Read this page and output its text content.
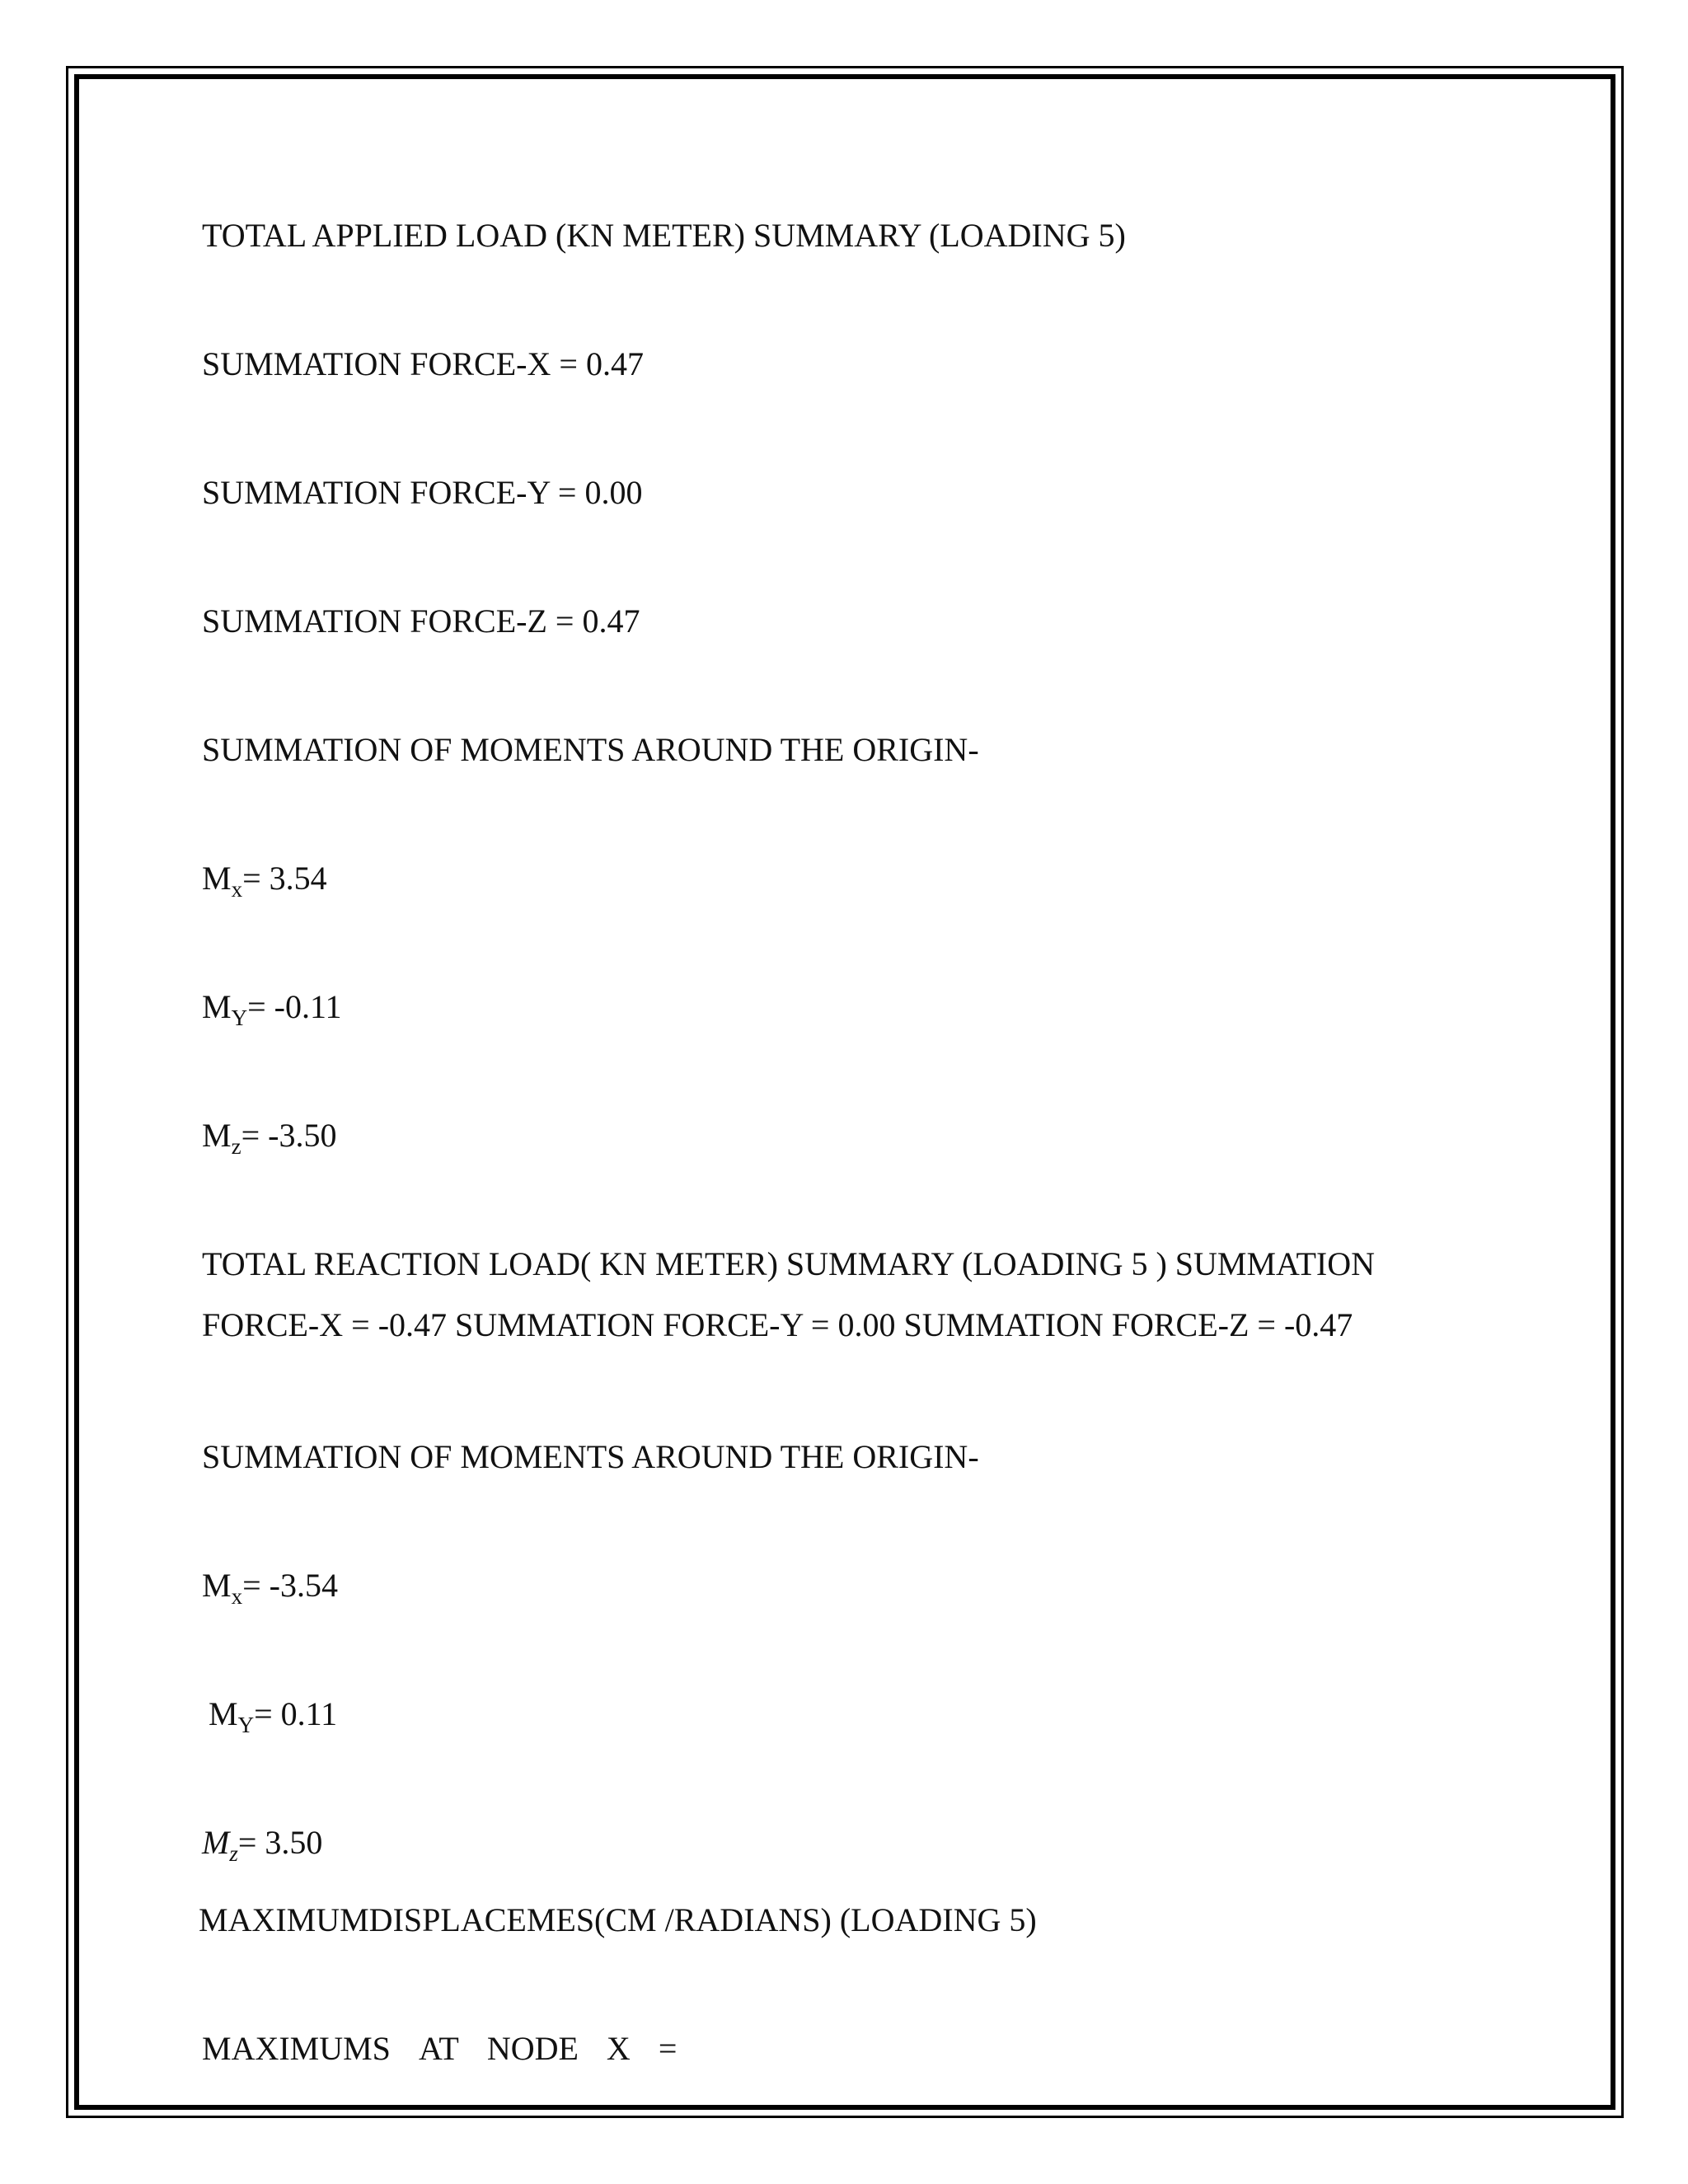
TOTAL APPLIED LOAD (KN METER) SUMMARY (LOADING 5)
SUMMATION FORCE-X = 0.47
SUMMATION FORCE-Y = 0.00
SUMMATION FORCE-Z = 0.47
SUMMATION OF MOMENTS AROUND THE ORIGIN-
$M_x= 3.54$
$M_Y= -0.11$
$M_z= -3.50$
TOTAL REACTION LOAD( KN METER) SUMMARY (LOADING 5 ) SUMMATION
FORCE-X = -0.47 SUMMATION FORCE-Y = 0.00 SUMMATION FORCE-Z = -0.47
SUMMATION OF MOMENTS AROUND THE ORIGIN-
$M_x= -3.54$
$M_Y= 0.11$
$M_z= 3.50$
MAXIMUMDISPLACEMES(CM /RADIANS) (LOADING 5)
MAXIMUMS AT NODE X =
